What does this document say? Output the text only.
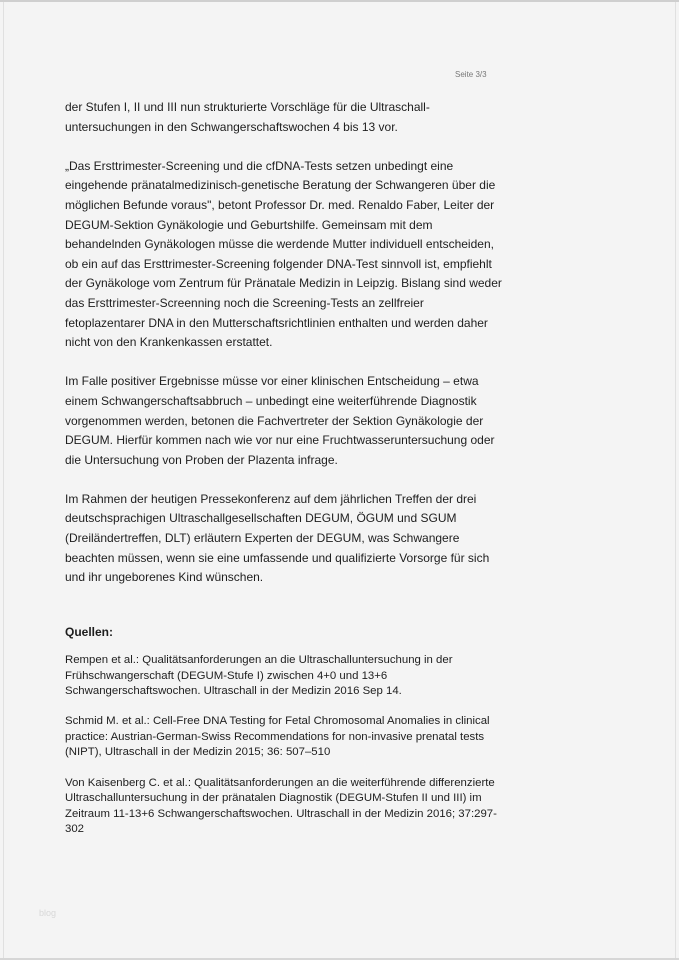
Seite 3/3

der Stufen I, II und III nun strukturierte Vorschläge für die Ultraschalluntersuchungen in den Schwangerschaftswochen 4 bis 13 vor.

„Das Ersttrimester-Screening und die cfDNA-Tests setzen unbedingt eine eingehende pränatalmedizinisch-genetische Beratung der Schwangeren über die möglichen Befunde voraus", betont Professor Dr. med. Renaldo Faber, Leiter der DEGUM-Sektion Gynäkologie und Geburtshilfe. Gemeinsam mit dem behandelnden Gynäkologen müsse die werdende Mutter individuell entscheiden, ob ein auf das Ersttrimester-Screening folgender DNA-Test sinnvoll ist, empfiehlt der Gynäkologe vom Zentrum für Pränatale Medizin in Leipzig. Bislang sind weder das Ersttrimester-Screenning noch die Screening-Tests an zellfreier fetoplazentarer DNA in den Mutterschaftsrichtlinien enthalten und werden daher nicht von den Krankenkassen erstattet.

Im Falle positiver Ergebnisse müsse vor einer klinischen Entscheidung – etwa einem Schwangerschaftsabbruch – unbedingt eine weiterführende Diagnostik vorgenommen werden, betonen die Fachvertreter der Sektion Gynäkologie der DEGUM. Hierfür kommen nach wie vor nur eine Fruchtwasseruntersuchung oder die Untersuchung von Proben der Plazenta infrage.

Im Rahmen der heutigen Pressekonferenz auf dem jährlichen Treffen der drei deutschsprachigen Ultraschallgesellschaften DEGUM, ÖGUM und SGUM (Dreiländertreffen, DLT) erläutern Experten der DEGUM, was Schwangere beachten müssen, wenn sie eine umfassende und qualifizierte Vorsorge für sich und ihr ungeborenes Kind wünschen.

Quellen:

Rempen et al.: Qualitätsanforderungen an die Ultraschalluntersuchung in der Frühschwangerschaft (DEGUM-Stufe I) zwischen 4+0 und 13+6 Schwangerschaftswochen. Ultraschall in der Medizin 2016 Sep 14.

Schmid M. et al.: Cell-Free DNA Testing for Fetal Chromosomal Anomalies in clinical practice: Austrian-German-Swiss Recommendations for non-invasive prenatal tests (NIPT), Ultraschall in der Medizin 2015; 36: 507–510

Von Kaisenberg C. et al.: Qualitätsanforderungen an die weiterführende differenzierte Ultraschalluntersuchung in der pränatalen Diagnostik (DEGUM-Stufen II und III) im Zeitraum 11-13+6 Schwangerschaftswochen. Ultraschall in der Medizin 2016; 37:297-302

blog
